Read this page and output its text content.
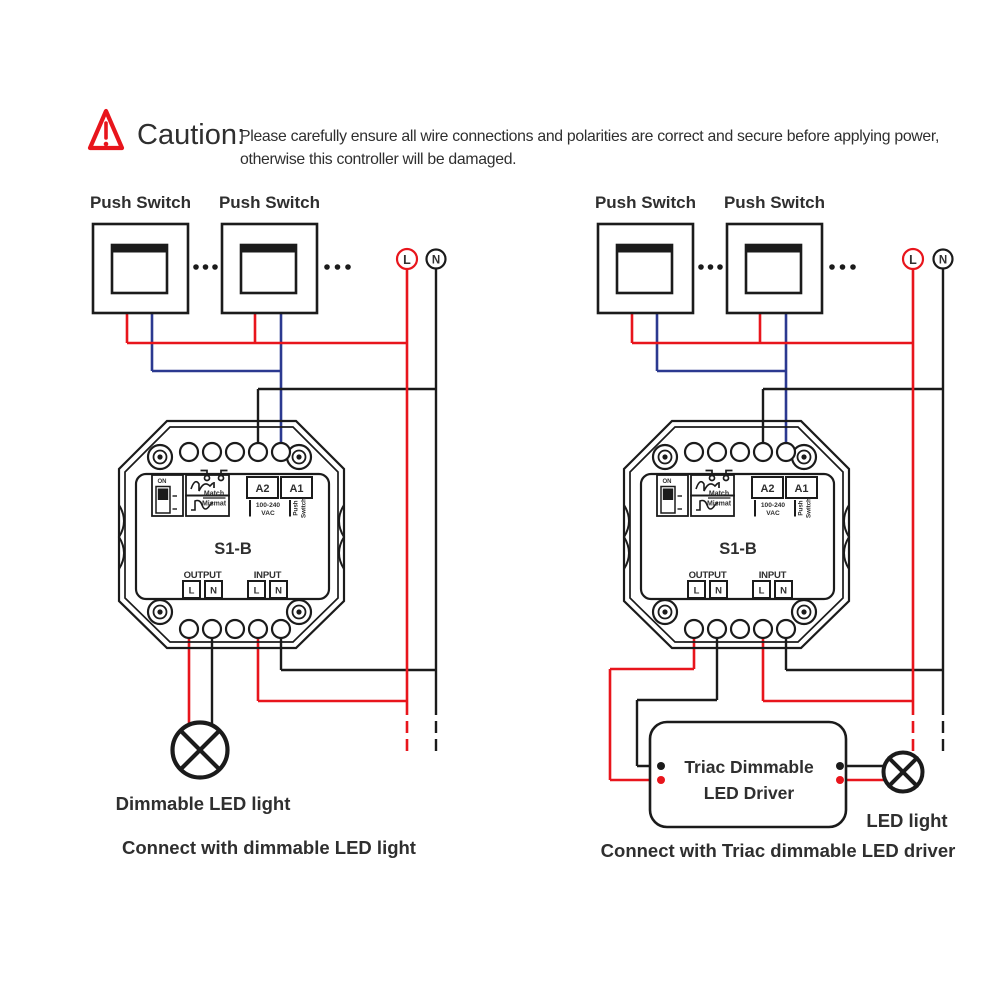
Caution:
Please carefully ensure all wire connections and polarities are correct and secure before applying power,
otherwise this controller will be damaged.
Push Switch Push Switch
Dimmable LED light
Connect with dimmable LED light
Push Switch Push Switch
Triac Dimmable
LED Driver
LED light
Connect with Triac dimmable LED driver
